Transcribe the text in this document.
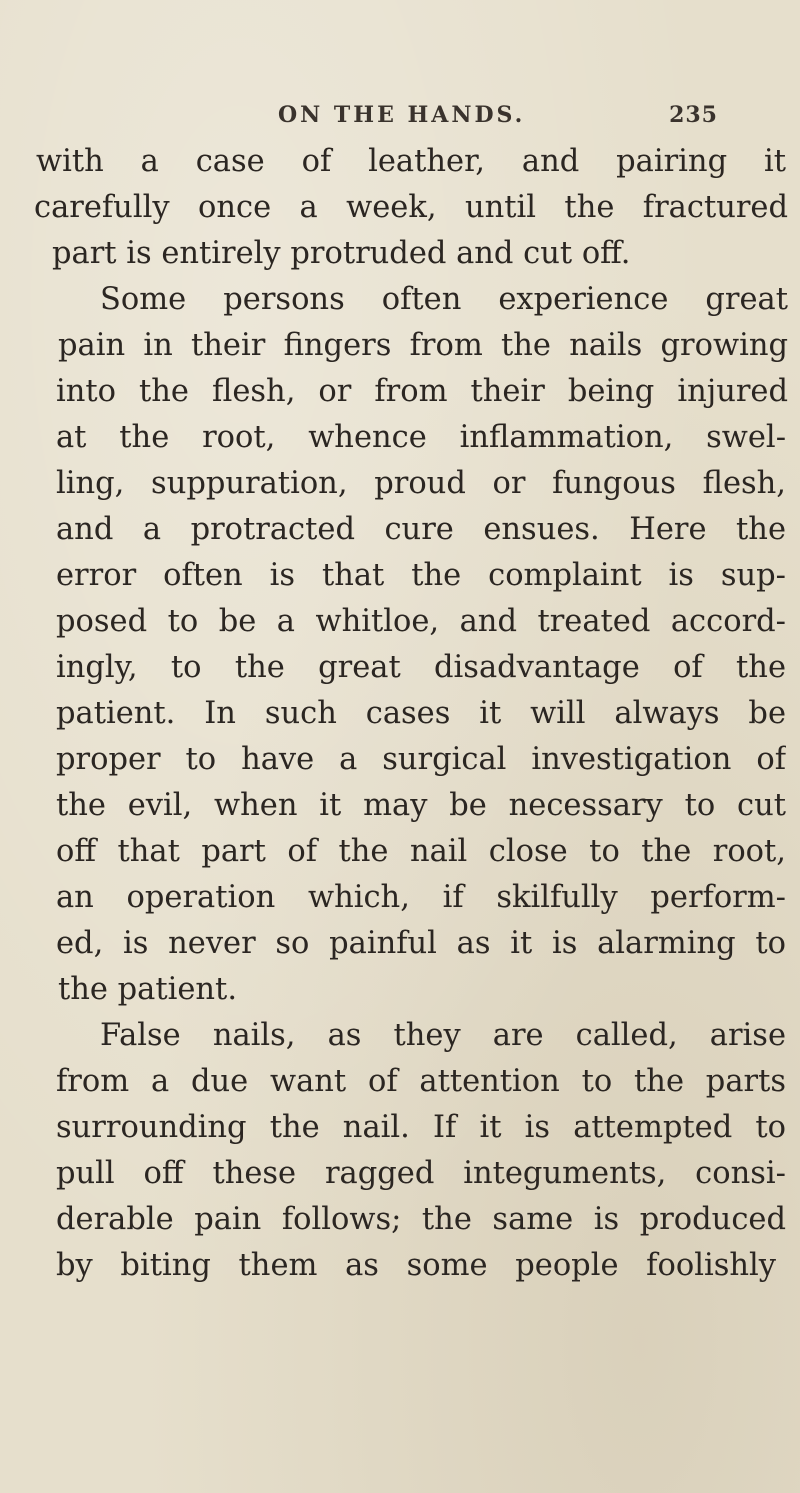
ON THE HANDS.	235
with a case of leather, and pairing it
carefully once a week, until the fractured
part is entirely protruded and cut off.
Some persons often experience great
pain in their fingers from the nails growing
into the flesh, or from their being injured
at the root, whence inflammation, swel-
ling, suppuration, proud or fungous flesh,
and a protracted cure ensues. Here the
error often is that the complaint is sup-
posed to be a whitloe, and treated accord-
ingly, to the great disadvantage of the
patient. In such cases it will always be
proper to have a surgical investigation of
the evil, when it may be necessary to cut
off that part of the nail close to the root,
an operation which, if skilfully perform-
ed, is never so painful as it is alarming to
the patient.
False nails, as they are called, arise
from a due want of attention to the parts
surrounding the nail. If it is attempted to
pull off these ragged integuments, consi-
derable pain follows; the same is produced
by biting them as some people foolishly
